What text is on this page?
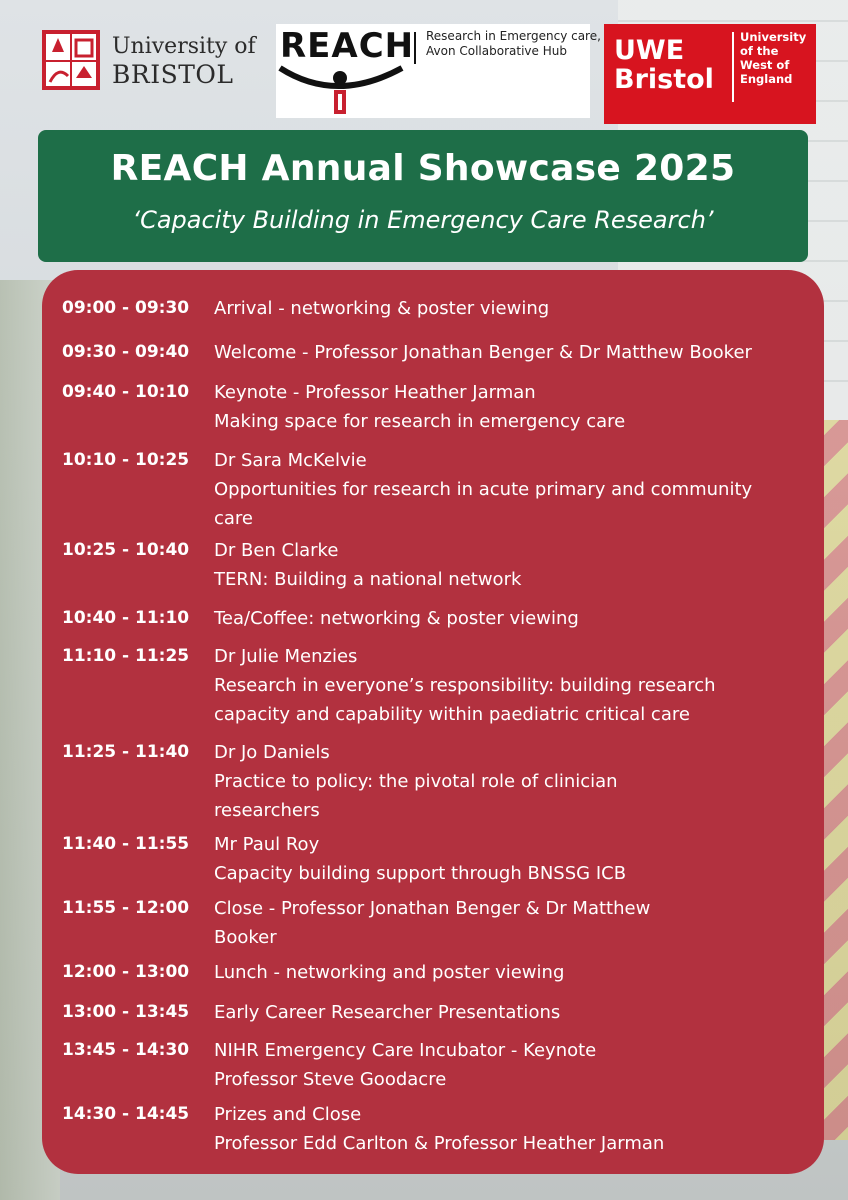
University of
BRISTOL
REACH Research in Emergency care,
Avon Collaborative Hub	UWE
Bristol
University
of the
West of
England
REACH Annual Showcase 2025
‘Capacity Building in Emergency Care Research’
09:00 - 09:30	Arrival - networking & poster viewing
09:30 - 09:40	Welcome - Professor Jonathan Benger & Dr Matthew Booker
09:40 - 10:10	Keynote - Professor Heather Jarman
Making space for research in emergency care
10:10 - 10:25	Dr Sara McKelvie
Opportunities for research in acute primary and community
care
10:25 - 10:40	Dr Ben Clarke
TERN: Building a national network
10:40 - 11:10	Tea/Coffee: networking & poster viewing
11:10 - 11:25	Dr Julie Menzies
Research in everyone’s responsibility: building research
capacity and capability within paediatric critical care
11:25 - 11:40	Dr Jo Daniels
Practice to policy: the pivotal role of clinician
researchers
11:40 - 11:55	Mr Paul Roy
Capacity building support through BNSSG ICB
11:55 - 12:00	Close - Professor Jonathan Benger & Dr Matthew
Booker
12:00 - 13:00	Lunch - networking and poster viewing
13:00 - 13:45	Early Career Researcher Presentations
13:45 - 14:30	NIHR Emergency Care Incubator - Keynote
Professor Steve Goodacre
14:30 - 14:45	Prizes and Close
Professor Edd Carlton & Professor Heather Jarman
